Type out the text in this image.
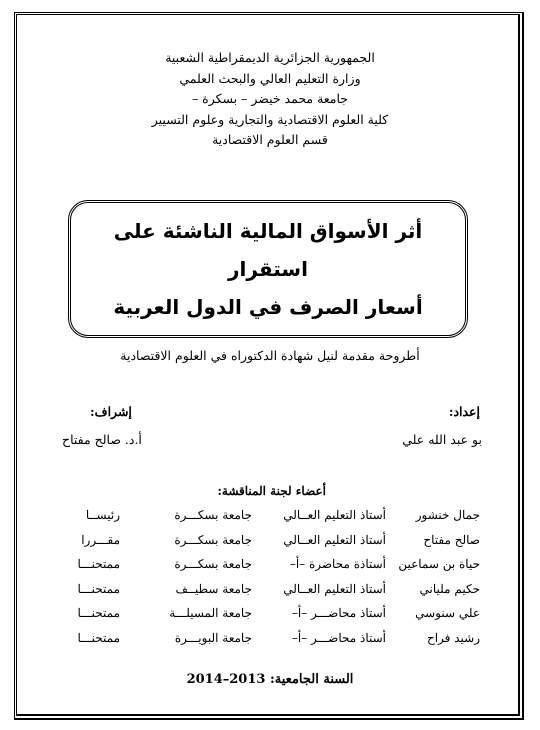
الجمهورية الجزائرية الديمقراطية الشعبية
وزارة التعليم العالي والبحث العلمي
جامعة محمد خيضر – بسكرة –
كلية العلوم الاقتصادية والتجارية وعلوم التسيير
قسم العلوم الاقتصادية
أثر الأسواق المالية الناشئة على استقرار
أسعار الصرف في الدول العربية
أطروحة مقدمة لنيل شهادة الدكتوراه في العلوم الاقتصادية
إعداد:
إشراف:
بو عبد الله علي
أ.د. صالح مفتاح
أعضاء لجنة المناقشة:
جمال خنشور
أستاذ التعليم العــالي
جامعة بسكـــرة
رئيســا
صالح مفتاح
أستاذ التعليم العــالي
جامعة بسكـــرة
مقـــررا
حياة بن سماعين
أستاذة محاضرة –أ–
جامعة بسكـــرة
ممتحنـــا
حكيم ملياني
أستاذ التعليم العــالي
جامعة سطيــف
ممتحنـــا
علي سنوسي
أستاذ محاضـــر –أ–
جامعة المسيلـــة
ممتحنـــا
رشيد فراح
أستاذ محاضـــر –أ–
جامعة البويـــرة
ممتحنـــا
السنة الجامعية: 2013–2014
